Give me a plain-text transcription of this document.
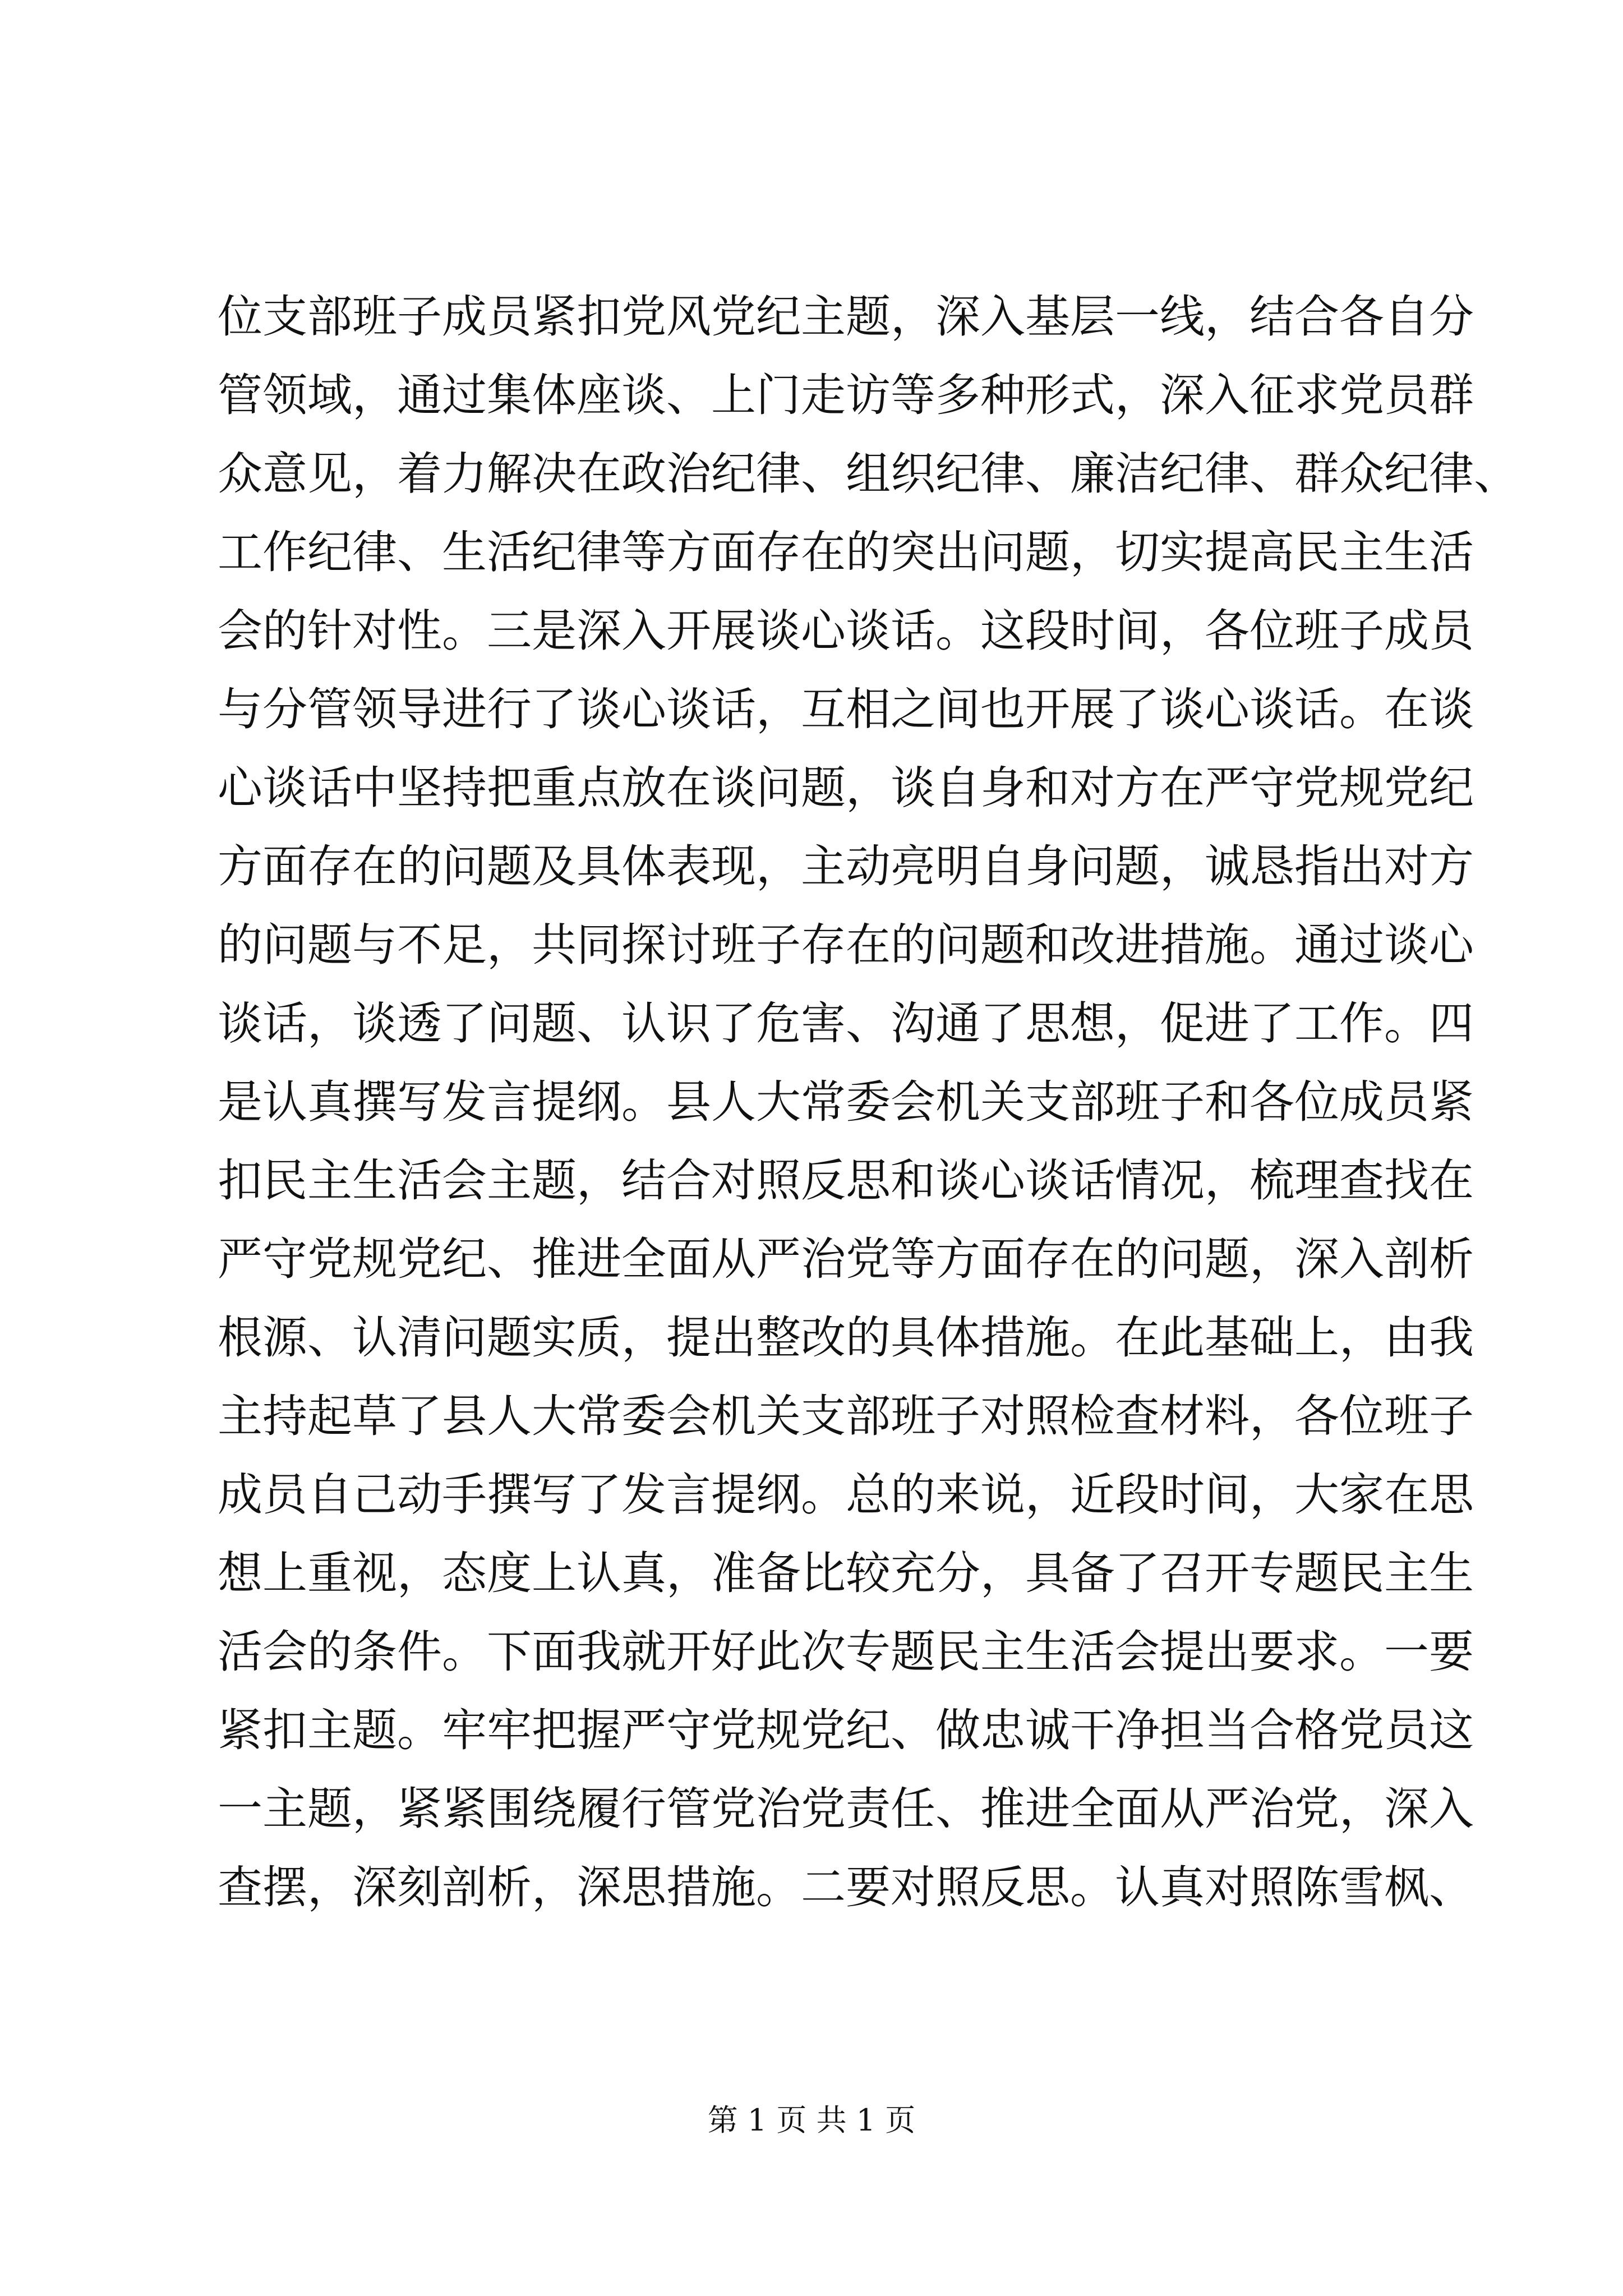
位支部班子成员紧扣党风党纪主题，深入基层一线，结合各自分
管领域，通过集体座谈、上门走访等多种形式，深入征求党员群
众意见，着力解决在政治纪律、组织纪律、廉洁纪律、群众纪律、
工作纪律、生活纪律等方面存在的突出问题，切实提高民主生活
会的针对性。三是深入开展谈心谈话。这段时间，各位班子成员
与分管领导进行了谈心谈话，互相之间也开展了谈心谈话。在谈
心谈话中坚持把重点放在谈问题，谈自身和对方在严守党规党纪
方面存在的问题及具体表现，主动亮明自身问题，诚恳指出对方
的问题与不足，共同探讨班子存在的问题和改进措施。通过谈心
谈话，谈透了问题、认识了危害、沟通了思想，促进了工作。四
是认真撰写发言提纲。县人大常委会机关支部班子和各位成员紧
扣民主生活会主题，结合对照反思和谈心谈话情况，梳理查找在
严守党规党纪、推进全面从严治党等方面存在的问题，深入剖析
根源、认清问题实质，提出整改的具体措施。在此基础上，由我
主持起草了县人大常委会机关支部班子对照检查材料，各位班子
成员自己动手撰写了发言提纲。总的来说，近段时间，大家在思
想上重视，态度上认真，准备比较充分，具备了召开专题民主生
活会的条件。下面我就开好此次专题民主生活会提出要求。一要
紧扣主题。牢牢把握严守党规党纪、做忠诚干净担当合格党员这
一主题，紧紧围绕履行管党治党责任、推进全面从严治党，深入
查摆，深刻剖析，深思措施。二要对照反思。认真对照陈雪枫、
第 1 页 共 1 页
